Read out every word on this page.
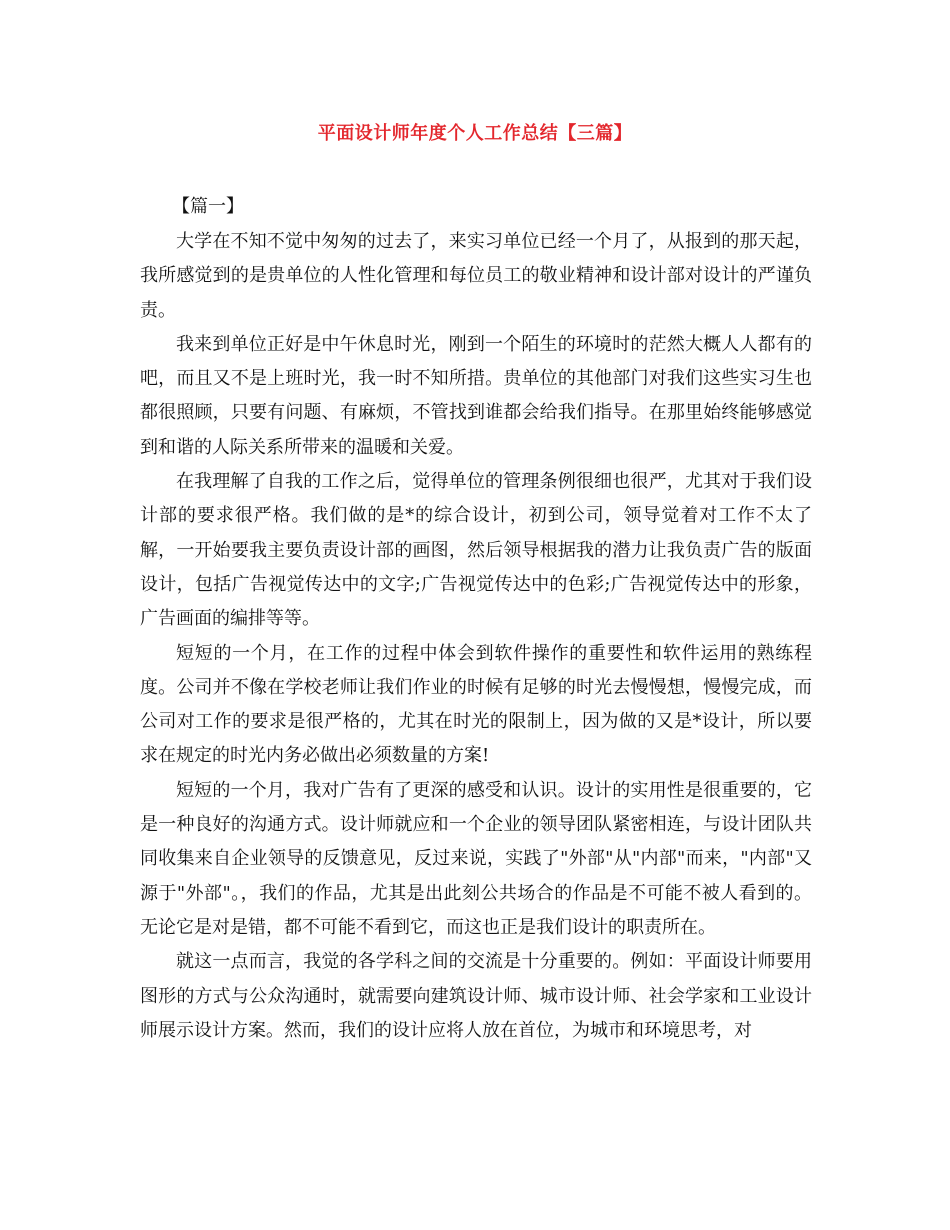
平面设计师年度个人工作总结【三篇】
【篇一】

大学在不知不觉中匆匆的过去了，来实习单位已经一个月了，从报到的那天起，我所感觉到的是贵单位的人性化管理和每位员工的敬业精神和设计部对设计的严谨负责。

我来到单位正好是中午休息时光，刚到一个陌生的环境时的茫然大概人人都有的吧，而且又不是上班时光，我一时不知所措。贵单位的其他部门对我们这些实习生也都很照顾，只要有问题、有麻烦，不管找到谁都会给我们指导。在那里始终能够感觉到和谐的人际关系所带来的温暖和关爱。

在我理解了自我的工作之后，觉得单位的管理条例很细也很严，尤其对于我们设计部的要求很严格。我们做的是*的综合设计，初到公司，领导觉着对工作不太了解，一开始要我主要负责设计部的画图，然后领导根据我的潜力让我负责广告的版面设计，包括广告视觉传达中的文字;广告视觉传达中的色彩;广告视觉传达中的形象，广告画面的编排等等。

短短的一个月，在工作的过程中体会到软件操作的重要性和软件运用的熟练程度。公司并不像在学校老师让我们作业的时候有足够的时光去慢慢想，慢慢完成，而公司对工作的要求是很严格的，尤其在时光的限制上，因为做的又是*设计，所以要求在规定的时光内务必做出必须数量的方案!

短短的一个月，我对广告有了更深的感受和认识。设计的实用性是很重要的，它是一种良好的沟通方式。设计师就应和一个企业的领导团队紧密相连，与设计团队共同收集来自企业领导的反馈意见，反过来说，实践了"外部"从"内部"而来，"内部"又源于"外部"。，我们的作品，尤其是出此刻公共场合的作品是不可能不被人看到的。无论它是对是错，都不可能不看到它，而这也正是我们设计的职责所在。

就这一点而言，我觉的各学科之间的交流是十分重要的。例如：平面设计师要用图形的方式与公众沟通时，就需要向建筑设计师、城市设计师、社会学家和工业设计师展示设计方案。然而，我们的设计应将人放在首位，为城市和环境思考，对
